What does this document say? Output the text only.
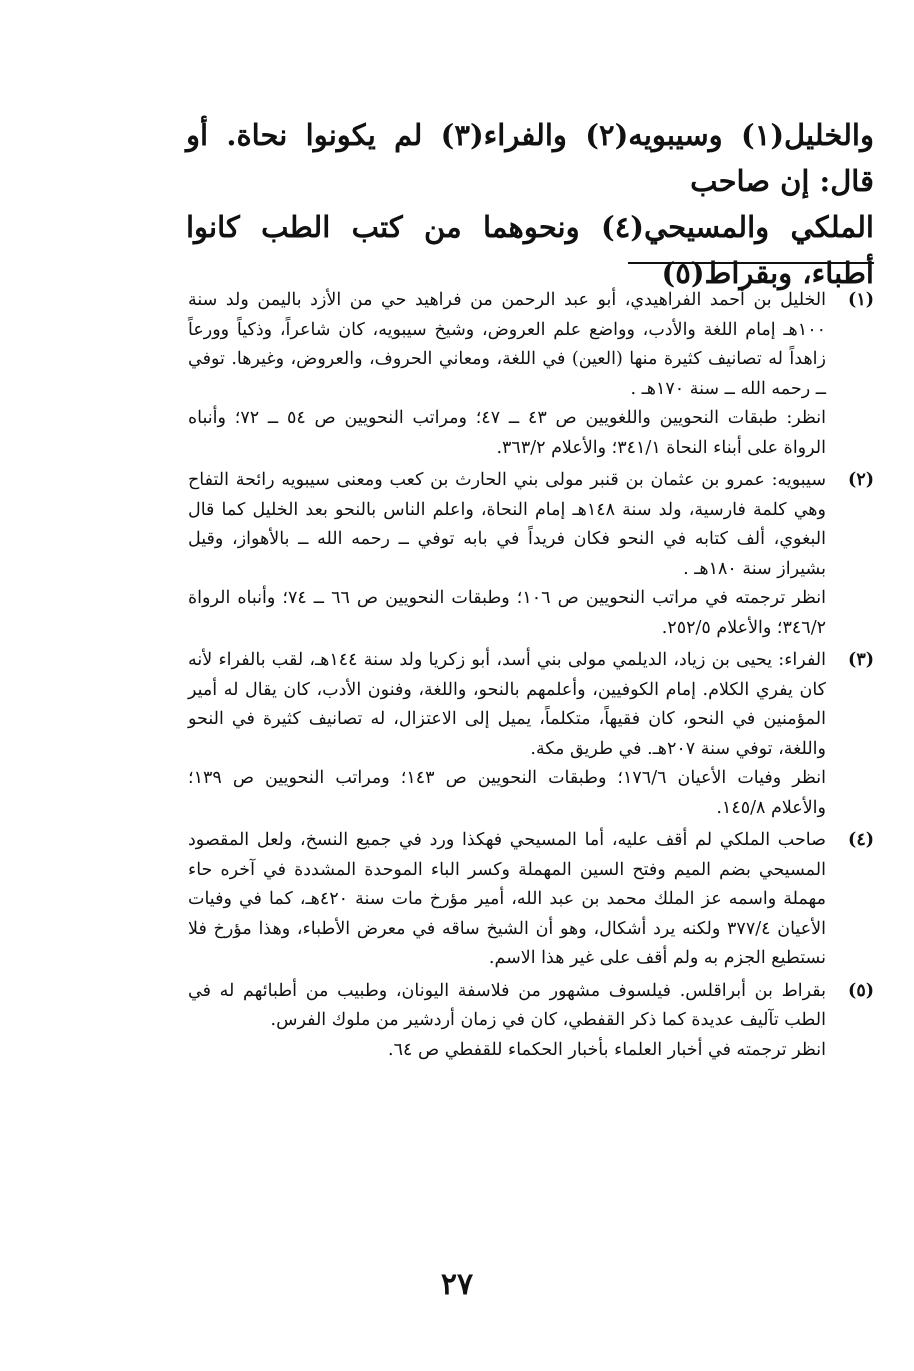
والخليل(١) وسيبويه(٢) والفراء(٣) لم يكونوا نحاة. أو قال: إن صاحب

الملكي والمسيحي(٤) ونحوهما من كتب الطب كانوا أطباء، وبقراط(٥)

(١)

الخليل بن أحمد الفراهيدي، أبو عبد الرحمن من فراهيد حي من الأزد باليمن ولد سنة ١٠٠هـ إمام اللغة والأدب، وواضع علم العروض، وشيخ سيبويه، كان شاعراً، وذكياً وورعاً زاهداً له تصانيف كثيرة منها (العين) في اللغة، ومعاني الحروف، والعروض، وغيرها. توفي ــ رحمه الله ــ سنة ١٧٠هـ .

انظر: طبقات النحويين واللغويين ص ٤٣ ــ ٤٧؛ ومراتب النحويين ص ٥٤ ــ ٧٢؛ وأنباه الرواة على أبناء النحاة ٣٤١/١؛ والأعلام ٣٦٣/٢.

(٢)

سيبويه: عمرو بن عثمان بن قنبر مولى بني الحارث بن كعب ومعنى سيبويه رائحة التفاح وهي كلمة فارسية، ولد سنة ١٤٨هـ إمام النحاة، واعلم الناس بالنحو بعد الخليل كما قال البغوي، ألف كتابه في النحو فكان فريداً في بابه توفي ــ رحمه الله ــ بالأهواز، وقيل بشيراز سنة ١٨٠هـ .

انظر ترجمته في مراتب النحويين ص ١٠٦؛ وطبقات النحويين ص ٦٦ ــ ٧٤؛ وأنباه الرواة ٣٤٦/٢؛ والأعلام ٢٥٢/٥.

(٣)

الفراء: يحيى بن زياد، الديلمي مولى بني أسد، أبو زكريا ولد سنة ١٤٤هـ، لقب بالفراء لأنه كان يفري الكلام. إمام الكوفيين، وأعلمهم بالنحو، واللغة، وفنون الأدب، كان يقال له أمير المؤمنين في النحو، كان فقيهاً، متكلماً، يميل إلى الاعتزال، له تصانيف كثيرة في النحو واللغة، توفي سنة ٢٠٧هـ. في طريق مكة.

انظر وفيات الأعيان ١٧٦/٦؛ وطبقات النحويين ص ١٤٣؛ ومراتب النحويين ص ١٣٩؛ والأعلام ١٤٥/٨.

(٤)

صاحب الملكي لم أقف عليه، أما المسيحي فهكذا ورد في جميع النسخ، ولعل المقصود المسيحي بضم الميم وفتح السين المهملة وكسر الباء الموحدة المشددة في آخره حاء مهملة واسمه عز الملك محمد بن عبد الله، أمير مؤرخ مات سنة ٤٢٠هـ، كما في وفيات الأعيان ٣٧٧/٤ ولكنه يرد أشكال، وهو أن الشيخ ساقه في معرض الأطباء، وهذا مؤرخ فلا نستطيع الجزم به ولم أقف على غير هذا الاسم.

(٥)

بقراط بن أبراقلس. فيلسوف مشهور من فلاسفة اليونان، وطبيب من أطبائهم له في الطب تآليف عديدة كما ذكر القفطي، كان في زمان أردشير من ملوك الفرس.

انظر ترجمته في أخبار العلماء بأخبار الحكماء للقفطي ص ٦٤.

٢٧
